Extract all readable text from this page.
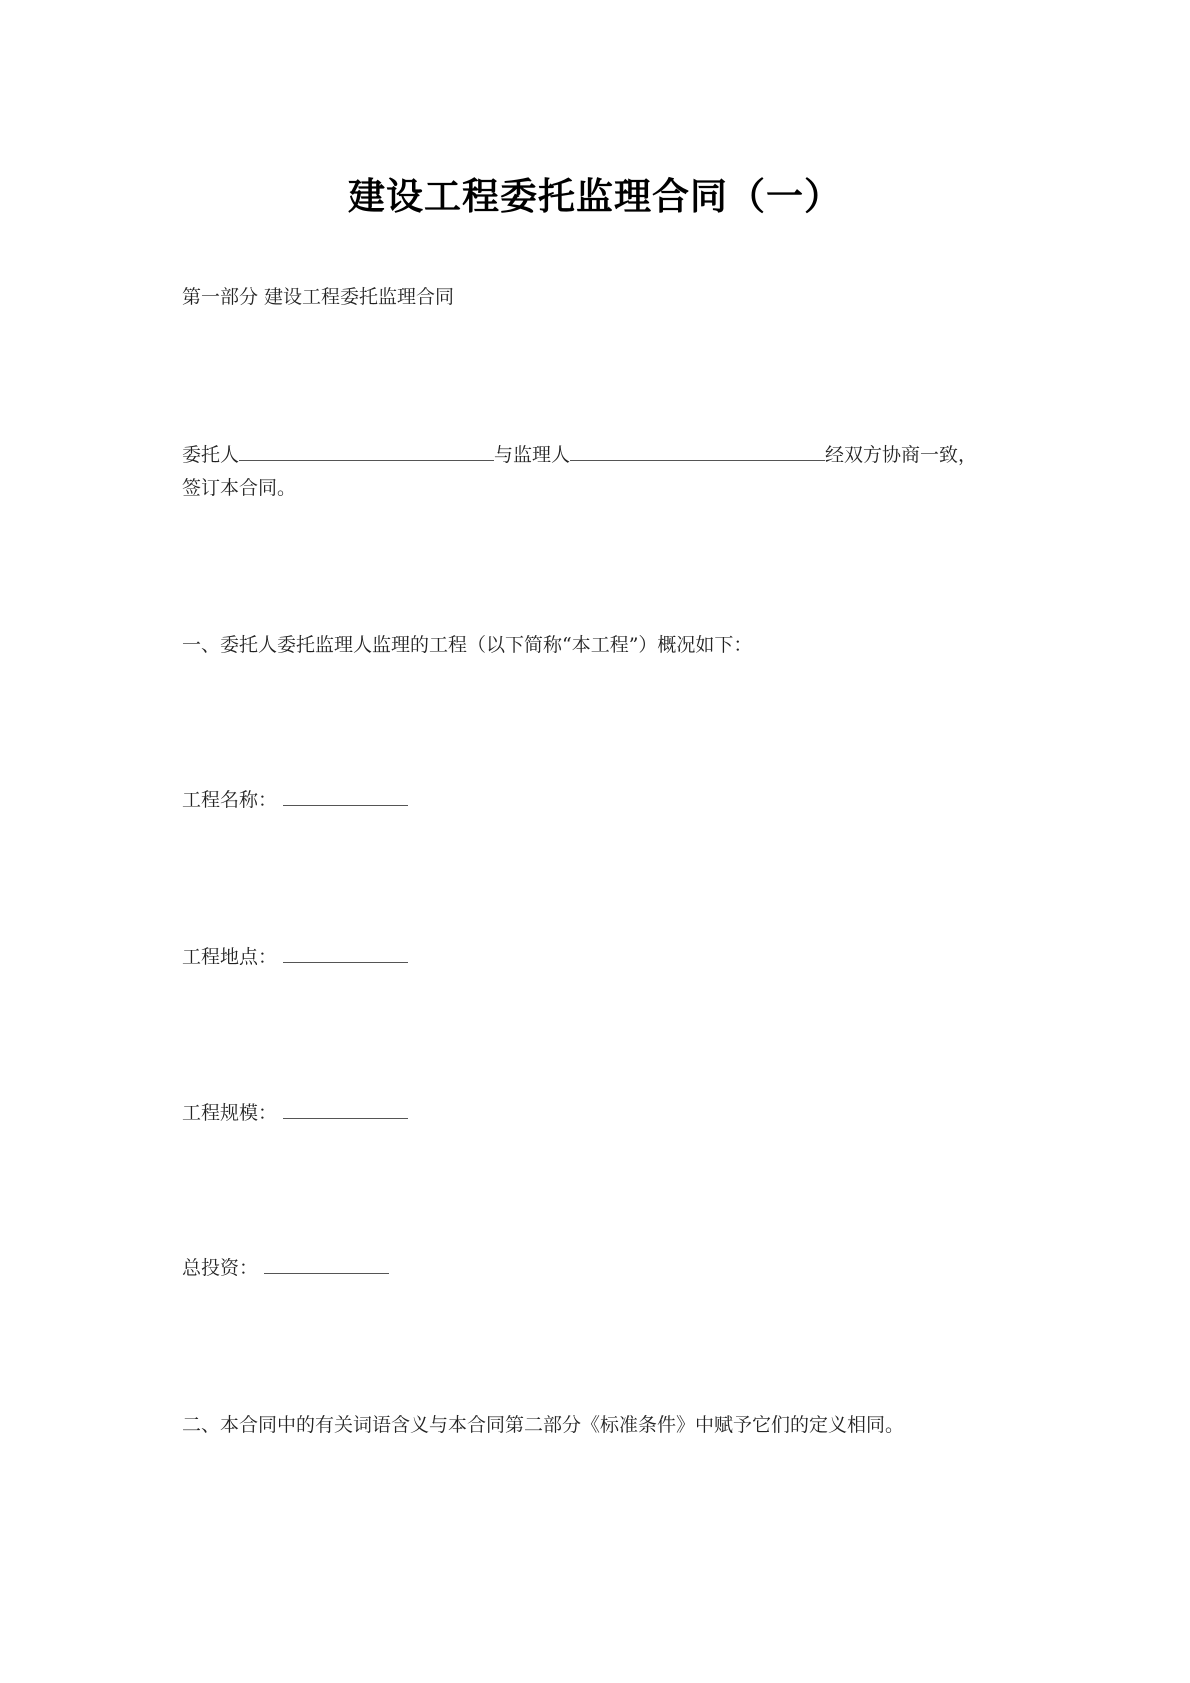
建设工程委托监理合同（一）
第一部分 建设工程委托监理合同
委托人	与监理人	经双方协商一致，
签订本合同。
一、委托人委托监理人监理的工程（以下简称“本工程”）概况如下：
工程名称：
工程地点：
工程规模：
总投资：
二、本合同中的有关词语含义与本合同第二部分《标准条件》中赋予它们的定义相同。
